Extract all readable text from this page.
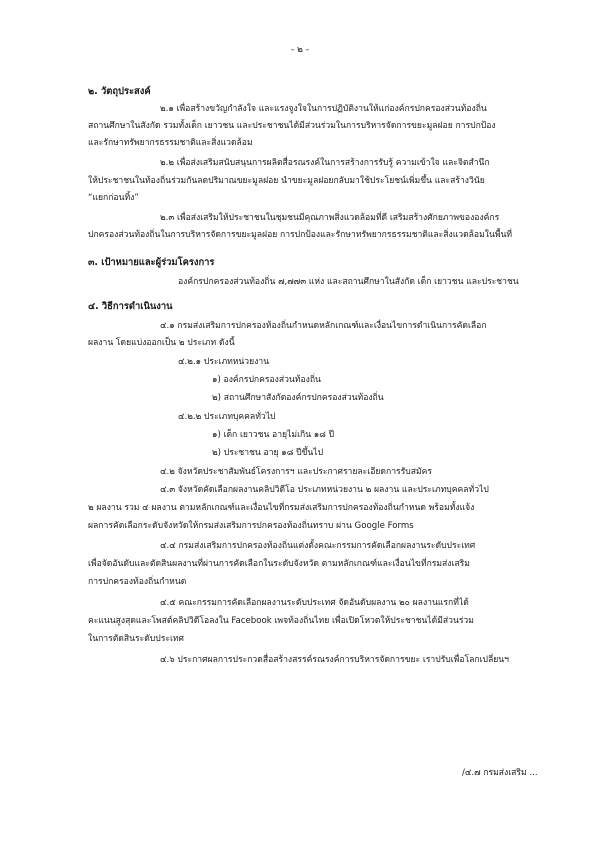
- ๒ -
๒. วัตถุประสงค์
๒.๑ เพื่อสร้างขวัญกำลังใจ และแรงจูงใจในการปฏิบัติงานให้แก่องค์กรปกครองส่วนท้องถิ่น
สถานศึกษาในสังกัด รวมทั้งเด็ก เยาวชน และประชาชนได้มีส่วนร่วมในการบริหารจัดการขยะมูลฝอย การปกป้อง
และรักษาทรัพยากรธรรมชาติและสิ่งแวดล้อม
๒.๒ เพื่อส่งเสริมสนับสนุนการผลิตสื่อรณรงค์ในการสร้างการรับรู้ ความเข้าใจ และจิตสำนึก
ให้ประชาชนในท้องถิ่นร่วมกันลดปริมาณขยะมูลฝอย นำขยะมูลฝอยกลับมาใช้ประโยชน์เพิ่มขึ้น และสร้างวินัย
“แยกก่อนทิ้ง”
๒.๓ เพื่อส่งเสริมให้ประชาชนในชุมชนมีคุณภาพสิ่งแวดล้อมที่ดี เสริมสร้างศักยภาพขององค์กร
ปกครองส่วนท้องถิ่นในการบริหารจัดการขยะมูลฝอย การปกป้องและรักษาทรัพยากรธรรมชาติและสิ่งแวดล้อมในพื้นที่
๓. เป้าหมายและผู้ร่วมโครงการ
องค์กรปกครองส่วนท้องถิ่น ๗,๗๗๓ แห่ง และสถานศึกษาในสังกัด เด็ก เยาวชน และประชาชน
๔. วิธีการดำเนินงาน
๔.๑ กรมส่งเสริมการปกครองท้องถิ่นกำหนดหลักเกณฑ์และเงื่อนไขการดำเนินการคัดเลือก
ผลงาน โดยแบ่งออกเป็น ๒ ประเภท ดังนี้
๔.๒.๑ ประเภทหน่วยงาน
๑) องค์กรปกครองส่วนท้องถิ่น
๒) สถานศึกษาสังกัดองค์กรปกครองส่วนท้องถิ่น
๔.๒.๒ ประเภทบุคคลทั่วไป
๑) เด็ก เยาวชน อายุไม่เกิน ๑๘ ปี
๒) ประชาชน อายุ ๑๘ ปีขึ้นไป
๔.๒ จังหวัดประชาสัมพันธ์โครงการฯ และประกาศรายละเอียดการรับสมัคร
๔.๓ จังหวัดคัดเลือกผลงานคลิปวิดีโอ ประเภทหน่วยงาน ๒ ผลงาน และประเภทบุคคลทั่วไป
๒ ผลงาน รวม ๔ ผลงาน ตามหลักเกณฑ์และเงื่อนไขที่กรมส่งเสริมการปกครองท้องถิ่นกำหนด พร้อมทั้งแจ้ง
ผลการคัดเลือกระดับจังหวัดให้กรมส่งเสริมการปกครองท้องถิ่นทราบ ผ่าน Google Forms
๔.๔ กรมส่งเสริมการปกครองท้องถิ่นแต่งตั้งคณะกรรมการคัดเลือกผลงานระดับประเทศ
เพื่อจัดอันดับและตัดสินผลงานที่ผ่านการคัดเลือกในระดับจังหวัด ตามหลักเกณฑ์และเงื่อนไขที่กรมส่งเสริม
การปกครองท้องถิ่นกำหนด
๔.๕ คณะกรรมการคัดเลือกผลงานระดับประเทศ จัดอันดับผลงาน ๒๐ ผลงานแรกที่ได้
คะแนนสูงสุดและโพสต์คลิปวิดีโอลงใน Facebook เพจท้องถิ่นไทย เพื่อเปิดโหวตให้ประชาชนได้มีส่วนร่วม
ในการตัดสินระดับประเทศ
๔.๖ ประกาศผลการประกวดสื่อสร้างสรรค์รณรงค์การบริหารจัดการขยะ เราปรับเพื่อโลกเปลี่ยนฯ
/๔.๗ กรมส่งเสริม ...
